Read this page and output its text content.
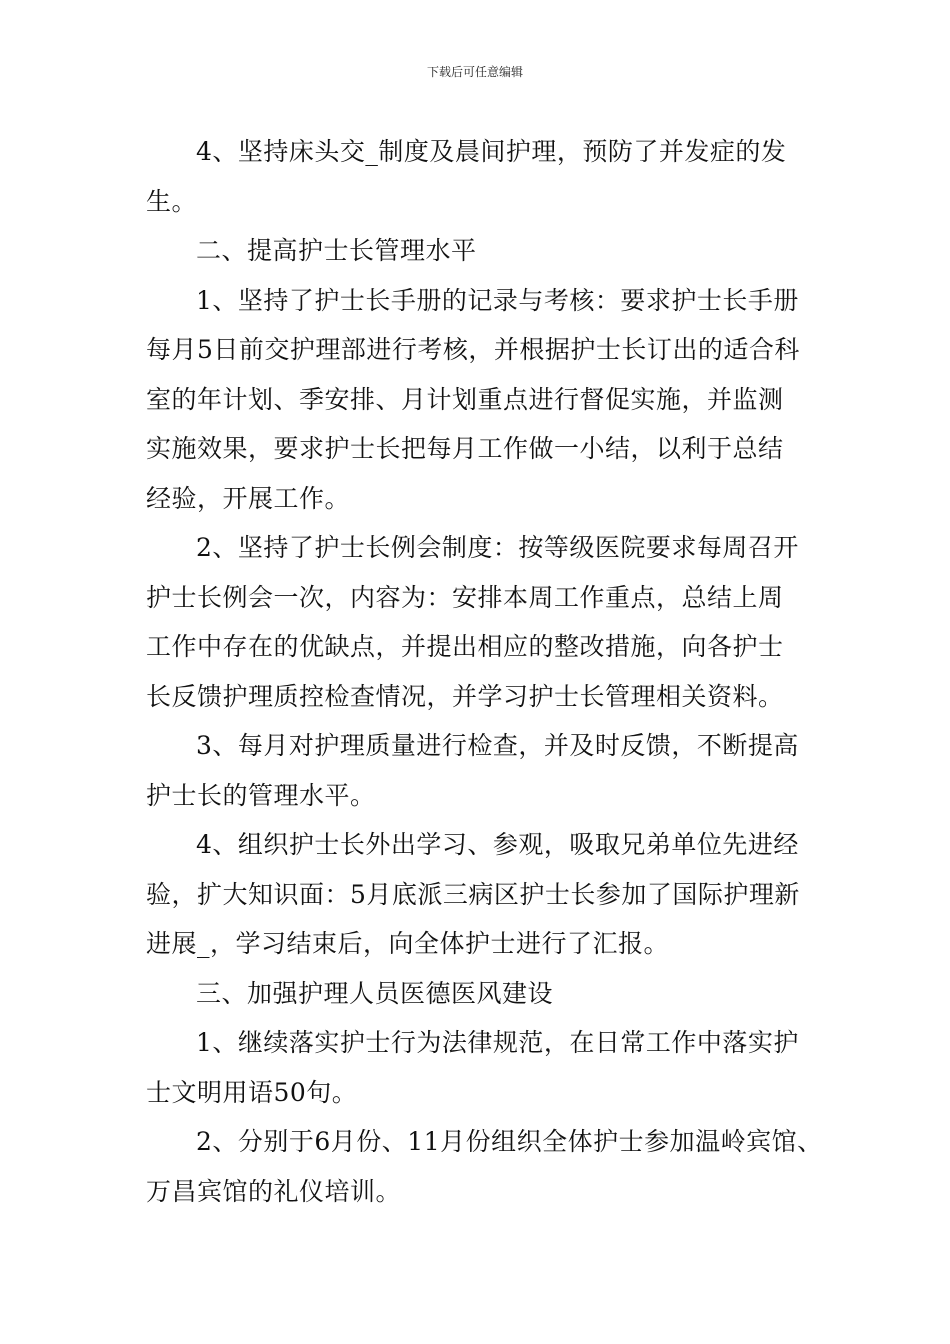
下载后可任意编辑
4、坚持床头交_制度及晨间护理，预防了并发症的发
生。
二、提高护士长管理水平
1、坚持了护士长手册的记录与考核：要求护士长手册
每月5日前交护理部进行考核，并根据护士长订出的适合科
室的年计划、季安排、月计划重点进行督促实施，并监测
实施效果，要求护士长把每月工作做一小结，以利于总结
经验，开展工作。
2、坚持了护士长例会制度：按等级医院要求每周召开
护士长例会一次，内容为：安排本周工作重点，总结上周
工作中存在的优缺点，并提出相应的整改措施，向各护士
长反馈护理质控检查情况，并学习护士长管理相关资料。
3、每月对护理质量进行检查，并及时反馈，不断提高
护士长的管理水平。
4、组织护士长外出学习、参观，吸取兄弟单位先进经
验，扩大知识面：5月底派三病区护士长参加了国际护理新
进展_，学习结束后，向全体护士进行了汇报。
三、加强护理人员医德医风建设
1、继续落实护士行为法律规范，在日常工作中落实护
士文明用语50句。
2、分别于6月份、11月份组织全体护士参加温岭宾馆、
万昌宾馆的礼仪培训。
